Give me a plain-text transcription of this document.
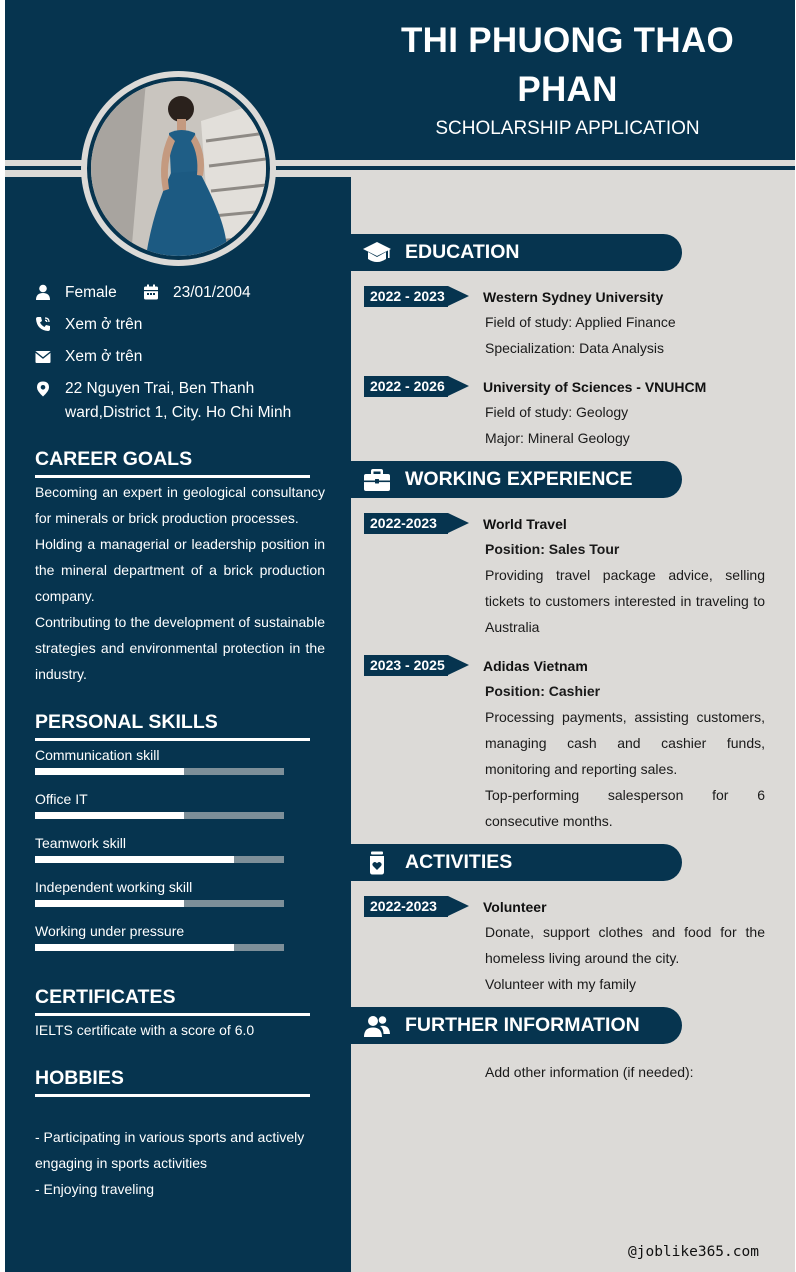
THI PHUONG THAO
PHAN
SCHOLARSHIP APPLICATION
Female	23/01/2004
Xem ở trên
Xem ở trên
22 Nguyen Trai, Ben Thanh
ward,District 1, City. Ho Chi Minh
CAREER GOALS
Becoming an expert in geological consultancy for minerals or brick production processes.
Holding a managerial or leadership position in the mineral department of a brick production company.
Contributing to the development of sustainable strategies and environmental protection in the industry.
PERSONAL SKILLS
Communication skill
Office IT
Teamwork skill
Independent working skill
Working under pressure
CERTIFICATES
IELTS certificate with a score of 6.0
HOBBIES
- Participating in various sports and actively engaging in sports activities
- Enjoying traveling
EDUCATION
2022 - 2023	Western Sydney University
Field of study: Applied Finance
Specialization: Data Analysis
2022 - 2026	University of Sciences - VNUHCM
Field of study: Geology
Major: Mineral Geology
WORKING EXPERIENCE
2022-2023	World Travel
Position: Sales Tour
Providing travel package advice, selling tickets to customers interested in traveling to Australia
2023 - 2025	Adidas Vietnam
Position: Cashier
Processing payments, assisting customers, managing cash and cashier funds, monitoring and reporting sales.
Top-performing salesperson for 6 consecutive months.
ACTIVITIES
2022-2023	Volunteer
Donate, support clothes and food for the homeless living around the city.
Volunteer with my family
FURTHER INFORMATION
Add other information (if needed):
@joblike365.com
